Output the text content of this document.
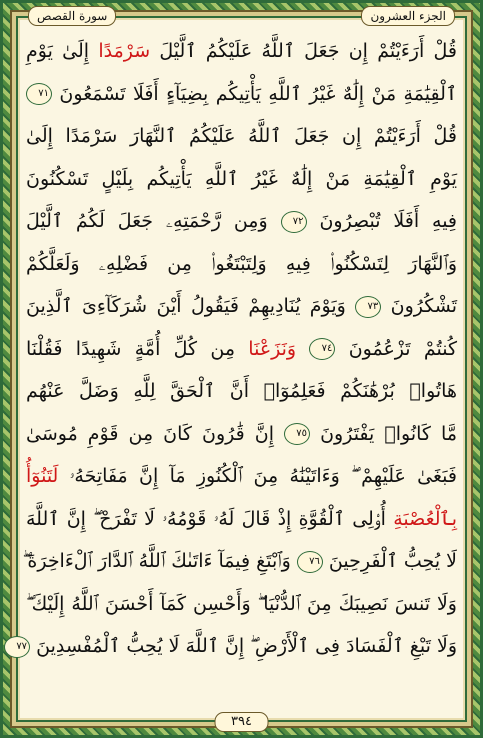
سورة القصص	الجزء العشرون
قُلْ أَرَءَيْتُمْ إِن جَعَلَ ٱللَّهُ عَلَيْكُمُ ٱلَّيْلَ سَرْمَدًا إِلَىٰ يَوْمِ
ٱلْقِيَٰمَةِ مَنْ إِلَٰهٌ غَيْرُ ٱللَّهِ يَأْتِيكُم بِضِيَآءٍ أَفَلَا تَسْمَعُونَ ٧١
قُلْ أَرَءَيْتُمْ إِن جَعَلَ ٱللَّهُ عَلَيْكُمُ ٱلنَّهَارَ سَرْمَدًا إِلَىٰ
يَوْمِ ٱلْقِيَٰمَةِ مَنْ إِلَٰهٌ غَيْرُ ٱللَّهِ يَأْتِيكُم بِلَيْلٍ تَسْكُنُونَ
فِيهِ أَفَلَا تُبْصِرُونَ ٧٢ وَمِن رَّحْمَتِهِۦ جَعَلَ لَكُمُ ٱلَّيْلَ
وَٱلنَّهَارَ لِتَسْكُنُوا۟ فِيهِ وَلِتَبْتَغُوا۟ مِن فَضْلِهِۦ وَلَعَلَّكُمْ
تَشْكُرُونَ ٧٣ وَيَوْمَ يُنَادِيهِمْ فَيَقُولُ أَيْنَ شُرَكَآءِىَ ٱلَّذِينَ
كُنتُمْ تَزْعُمُونَ ٧٤ وَنَزَعْنَا مِن كُلِّ أُمَّةٍ شَهِيدًا فَقُلْنَا
هَاتُوا۟ بُرْهَٰنَكُمْ فَعَلِمُوٓا۟ أَنَّ ٱلْحَقَّ لِلَّهِ وَضَلَّ عَنْهُم
مَّا كَانُوا۟ يَفْتَرُونَ ٧٥ إِنَّ قَٰرُونَ كَانَ مِن قَوْمِ مُوسَىٰ
فَبَغَىٰ عَلَيْهِمْ ۖ وَءَاتَيْنَٰهُ مِنَ ٱلْكُنُوزِ مَآ إِنَّ مَفَاتِحَهُۥ لَتَنُوٓأُ
بِٱلْعُصْبَةِ أُو۟لِى ٱلْقُوَّةِ إِذْ قَالَ لَهُۥ قَوْمُهُۥ لَا تَفْرَحْ ۖ إِنَّ ٱللَّهَ
لَا يُحِبُّ ٱلْفَرِحِينَ ٧٦ وَٱبْتَغِ فِيمَآ ءَاتَىٰكَ ٱللَّهُ ٱلدَّارَ ٱلْءَاخِرَةَ ۖ
وَلَا تَنسَ نَصِيبَكَ مِنَ ٱلدُّنْيَا ۖ وَأَحْسِن كَمَآ أَحْسَنَ ٱللَّهُ إِلَيْكَ ۖ
وَلَا تَبْغِ ٱلْفَسَادَ فِى ٱلْأَرْضِ ۖ إِنَّ ٱللَّهَ لَا يُحِبُّ ٱلْمُفْسِدِينَ ٧٧
٣٩٤
